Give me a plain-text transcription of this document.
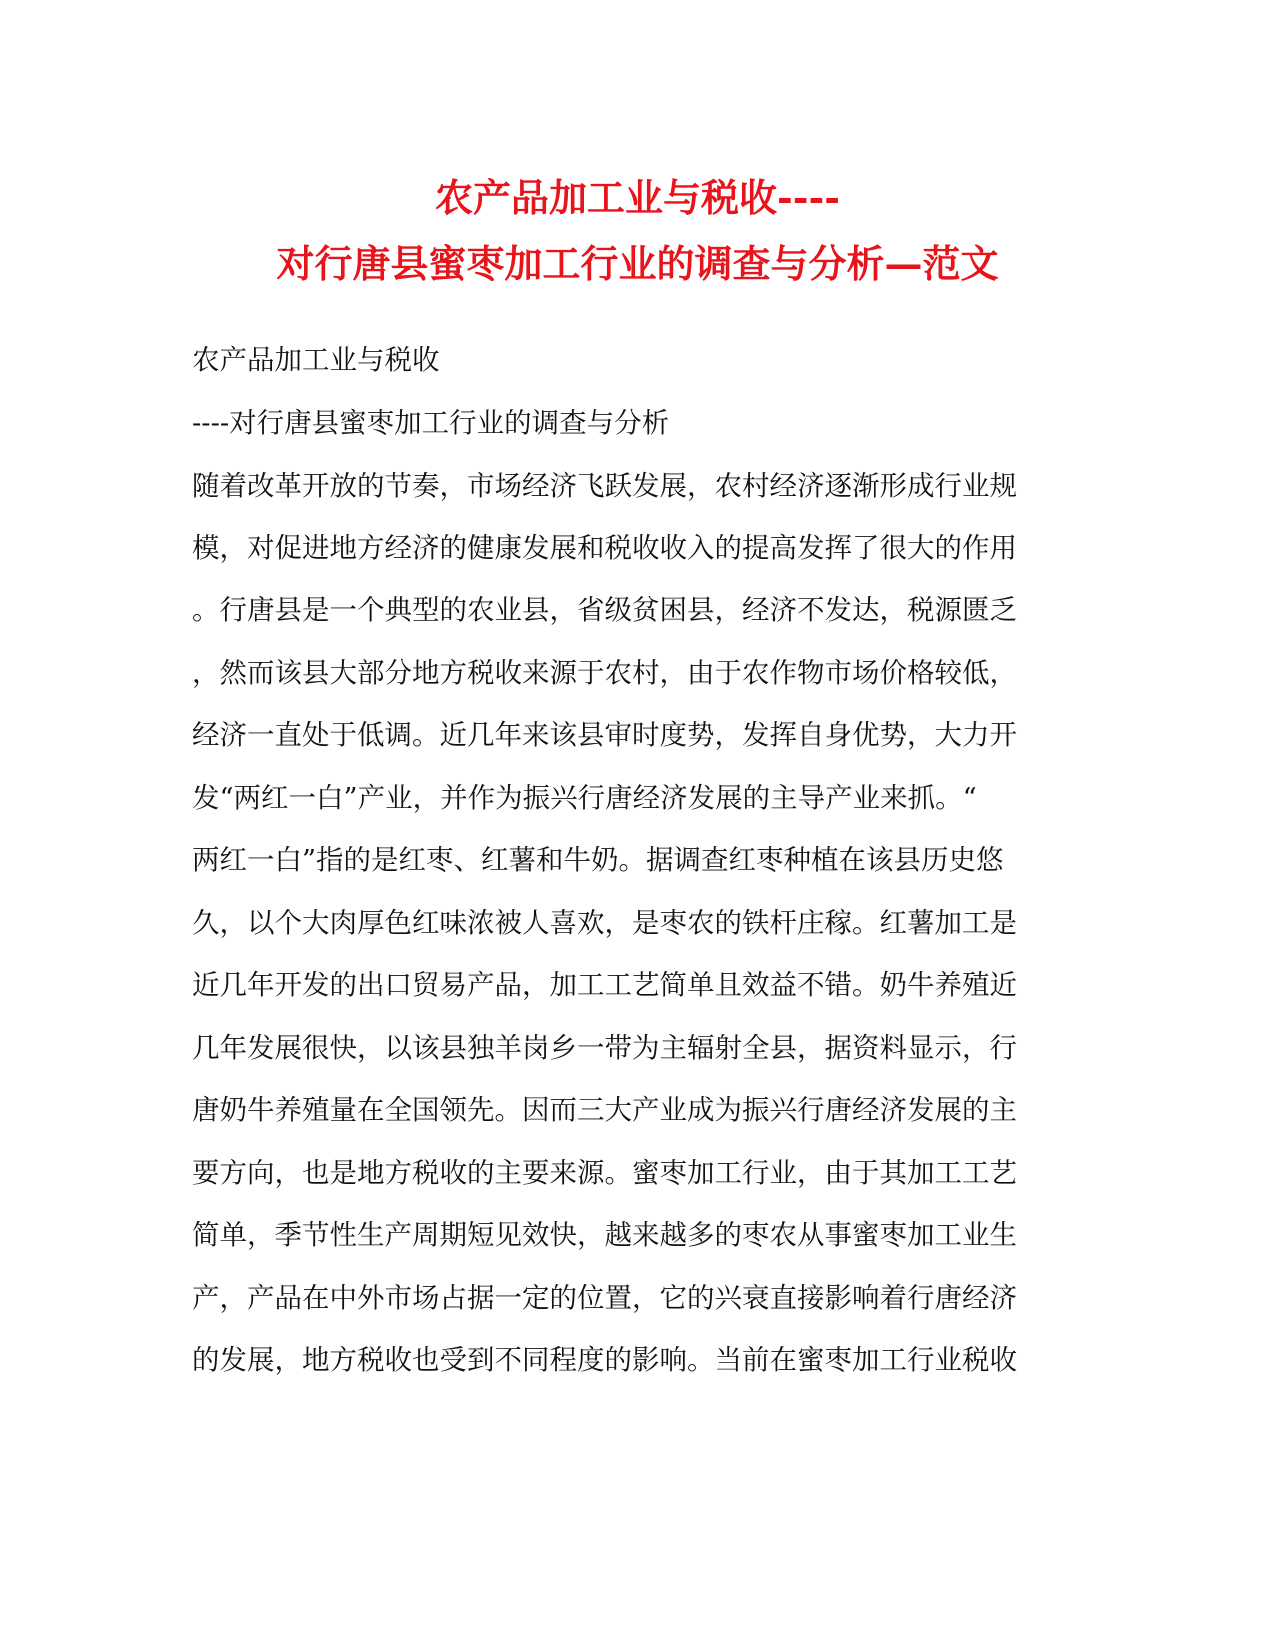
农产品加工业与税收----
对行唐县蜜枣加工行业的调查与分析—范文
农产品加工业与税收
----对行唐县蜜枣加工行业的调查与分析
随着改革开放的节奏，市场经济飞跃发展，农村经济逐渐形成行业规
模，对促进地方经济的健康发展和税收收入的提高发挥了很大的作用
。行唐县是一个典型的农业县，省级贫困县，经济不发达，税源匮乏
，然而该县大部分地方税收来源于农村，由于农作物市场价格较低，
经济一直处于低调。近几年来该县审时度势，发挥自身优势，大力开
发“两红一白”产业，并作为振兴行唐经济发展的主导产业来抓。“
两红一白”指的是红枣、红薯和牛奶。据调查红枣种植在该县历史悠
久，以个大肉厚色红味浓被人喜欢，是枣农的铁杆庄稼。红薯加工是
近几年开发的出口贸易产品，加工工艺简单且效益不错。奶牛养殖近
几年发展很快，以该县独羊岗乡一带为主辐射全县，据资料显示，行
唐奶牛养殖量在全国领先。因而三大产业成为振兴行唐经济发展的主
要方向，也是地方税收的主要来源。蜜枣加工行业，由于其加工工艺
简单，季节性生产周期短见效快，越来越多的枣农从事蜜枣加工业生
产，产品在中外市场占据一定的位置，它的兴衰直接影响着行唐经济
的发展，地方税收也受到不同程度的影响。当前在蜜枣加工行业税收
